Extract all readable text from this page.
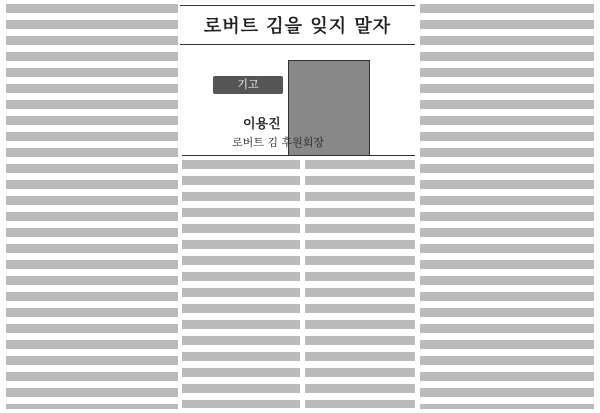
로버트 김을 잊지 말자
기고
이용진
로버트 김 후원회장
